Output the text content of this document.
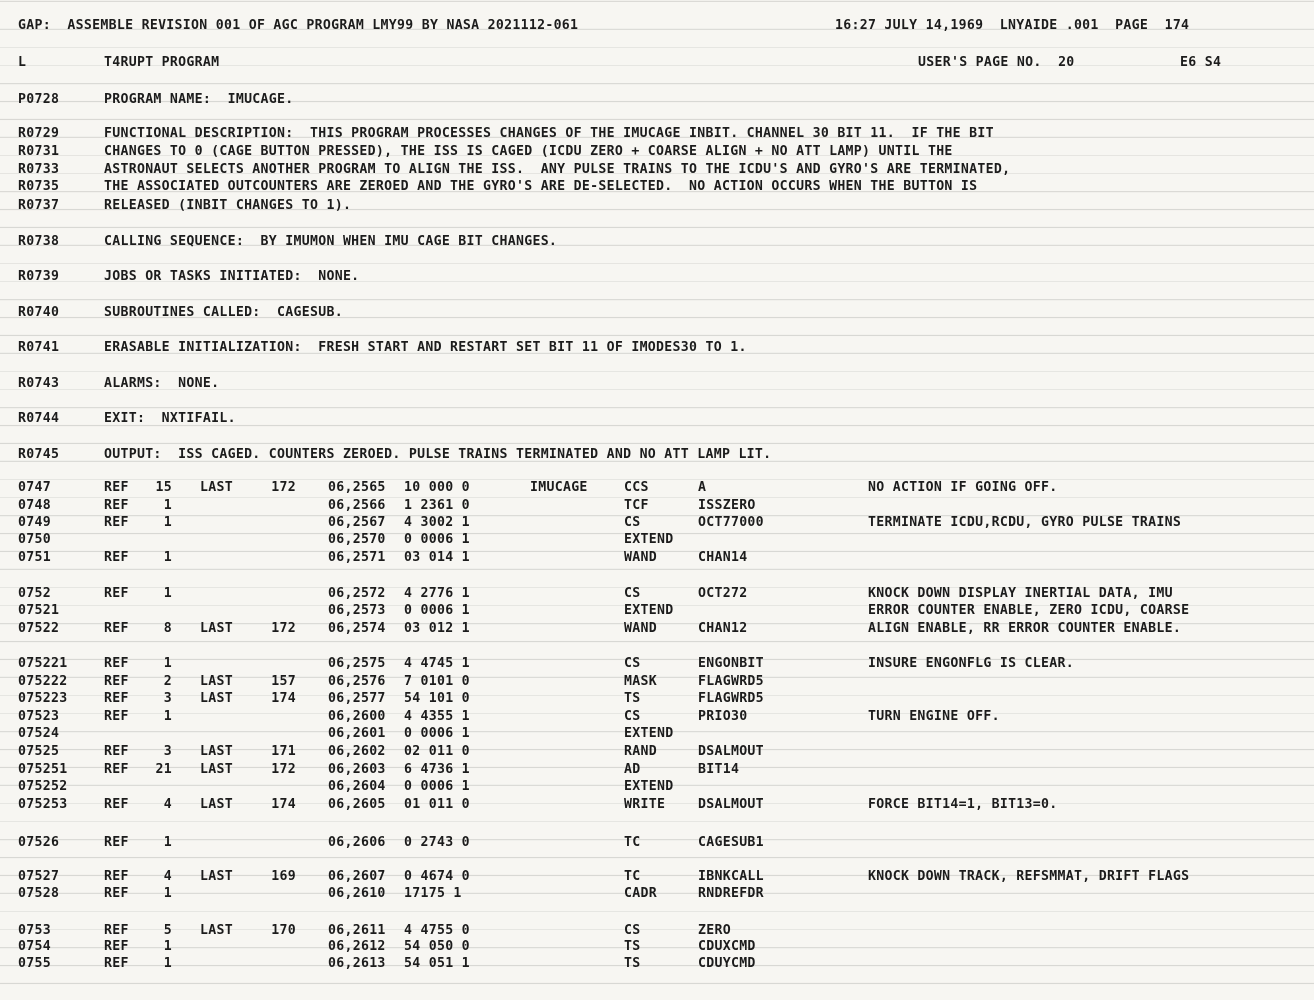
GAP:  ASSEMBLE REVISION 001 OF AGC PROGRAM LMY99 BY NASA 2021112-061

	16:27 JULY 14,1969  LNYAIDE .001  PAGE  174

L

	T4RUPT PROGRAM

	USER'S PAGE NO.  20

	E6 S4

P0728	PROGRAM NAME:  IMUCAGE.
R0729	FUNCTIONAL DESCRIPTION:  THIS PROGRAM PROCESSES CHANGES OF THE IMUCAGE INBIT. CHANNEL 30 BIT 11.  IF THE BIT
R0731	CHANGES TO 0 (CAGE BUTTON PRESSED), THE ISS IS CAGED (ICDU ZERO + COARSE ALIGN + NO ATT LAMP) UNTIL THE
R0733	ASTRONAUT SELECTS ANOTHER PROGRAM TO ALIGN THE ISS.  ANY PULSE TRAINS TO THE ICDU'S AND GYRO'S ARE TERMINATED,
R0735	THE ASSOCIATED OUTCOUNTERS ARE ZEROED AND THE GYRO'S ARE DE-SELECTED.  NO ACTION OCCURS WHEN THE BUTTON IS
R0737	RELEASED (INBIT CHANGES TO 1).
R0738	CALLING SEQUENCE:  BY IMUMON WHEN IMU CAGE BIT CHANGES.
R0739	JOBS OR TASKS INITIATED:  NONE.
R0740	SUBROUTINES CALLED:  CAGESUB.
R0741	ERASABLE INITIALIZATION:  FRESH START AND RESTART SET BIT 11 OF IMODES30 TO 1.
R0743	ALARMS:  NONE.
R0744	EXIT:  NXTIFAIL.
R0745	OUTPUT:  ISS CAGED. COUNTERS ZEROED. PULSE TRAINS TERMINATED AND NO ATT LAMP LIT.
0747	REF	15 LAST	172 06,2565 10 000 0	IMUCAGE	CCS	A	NO ACTION IF GOING OFF.
0748	REF	1	06,2566 1 2361 0	TCF	ISSZERO
0749	REF	1	06,2567 4 3002 1	CS	OCT77000	TERMINATE ICDU,RCDU, GYRO PULSE TRAINS
0750	06,2570 0 0006 1	EXTEND
0751	REF	1	06,2571 03 014 1	WAND	CHAN14
0752	REF	1	06,2572 4 2776 1	CS	OCT272	KNOCK DOWN DISPLAY INERTIAL DATA, IMU
07521	06,2573 0 0006 1	EXTEND	ERROR COUNTER ENABLE, ZERO ICDU, COARSE
07522	REF	8 LAST	172 06,2574 03 012 1	WAND	CHAN12	ALIGN ENABLE, RR ERROR COUNTER ENABLE.
075221	REF	1	06,2575 4 4745 1	CS	ENGONBIT	INSURE ENGONFLG IS CLEAR.
075222	REF	2 LAST	157 06,2576 7 0101 0	MASK	FLAGWRD5
075223	REF	3 LAST	174 06,2577 54 101 0	TS	FLAGWRD5
07523	REF	1	06,2600 4 4355 1	CS	PRIO30	TURN ENGINE OFF.
07524	06,2601 0 0006 1	EXTEND
07525	REF	3 LAST	171 06,2602 02 011 0	RAND	DSALMOUT
075251	REF	21 LAST	172 06,2603 6 4736 1	AD	BIT14
075252	06,2604 0 0006 1	EXTEND
075253	REF	4 LAST	174 06,2605 01 011 0	WRITE DSALMOUT	FORCE BIT14=1, BIT13=0.
07526	REF	1	06,2606 0 2743 0	TC	CAGESUB1
07527	REF	4 LAST	169 06,2607 0 4674 0	TC	IBNKCALL	KNOCK DOWN TRACK, REFSMMAT, DRIFT FLAGS
07528	REF	1	06,2610 17175 1	CADR	RNDREFDR
0753	REF	5 LAST	170 06,2611 4 4755 0	CS	ZERO
0754	REF	1	06,2612 54 050 0	TS	CDUXCMD
0755	REF	1	06,2613 54 051 1	TS	CDUYCMD
